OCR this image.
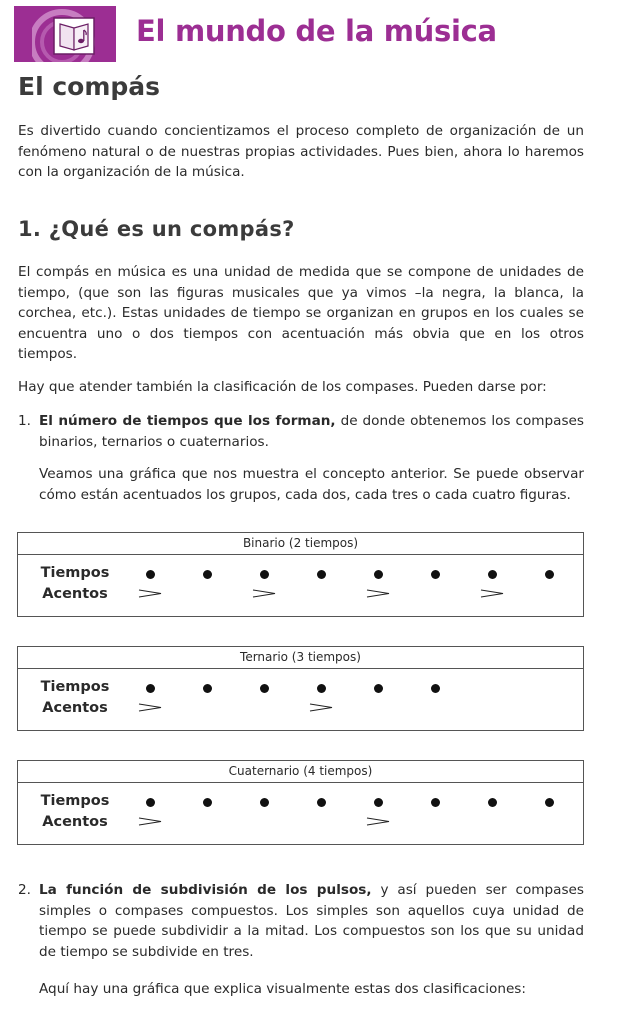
El mundo de la música
El compás

Es divertido cuando concientizamos el proceso completo de organización de un fenómeno natural o de nuestras propias actividades. Pues bien, ahora lo haremos con la organización de la música.

1. ¿Qué es un compás?

El compás en música es una unidad de medida que se compone de unidades de tiempo, (que son las figuras musicales que ya vimos –la negra, la blanca, la corchea, etc.). Estas unidades de tiempo se organizan en grupos en los cuales se encuentra uno o dos tiempos con acentuación más obvia que en los otros tiempos.

Hay que atender también la clasificación de los compases. Pueden darse por:

1. El número de tiempos que los forman, de donde obtenemos los compases binarios, ternarios o cuaternarios.

Veamos una gráfica que nos muestra el concepto anterior. Se puede observar cómo están acentuados los grupos, cada dos, cada tres o cada cuatro figuras.

Binario (2 tiempos)
Tiempos
Acentos
Ternario (3 tiempos)
Tiempos
Acentos
Cuaternario (4 tiempos)
Tiempos
Acentos
2. La función de subdivisión de los pulsos, y así pueden ser compases simples o compases compuestos. Los simples son aquellos cuya unidad de tiempo se puede subdividir a la mitad. Los compuestos son los que su unidad de tiempo se subdivide en tres.

Aquí hay una gráfica que explica visualmente estas dos clasificaciones:
